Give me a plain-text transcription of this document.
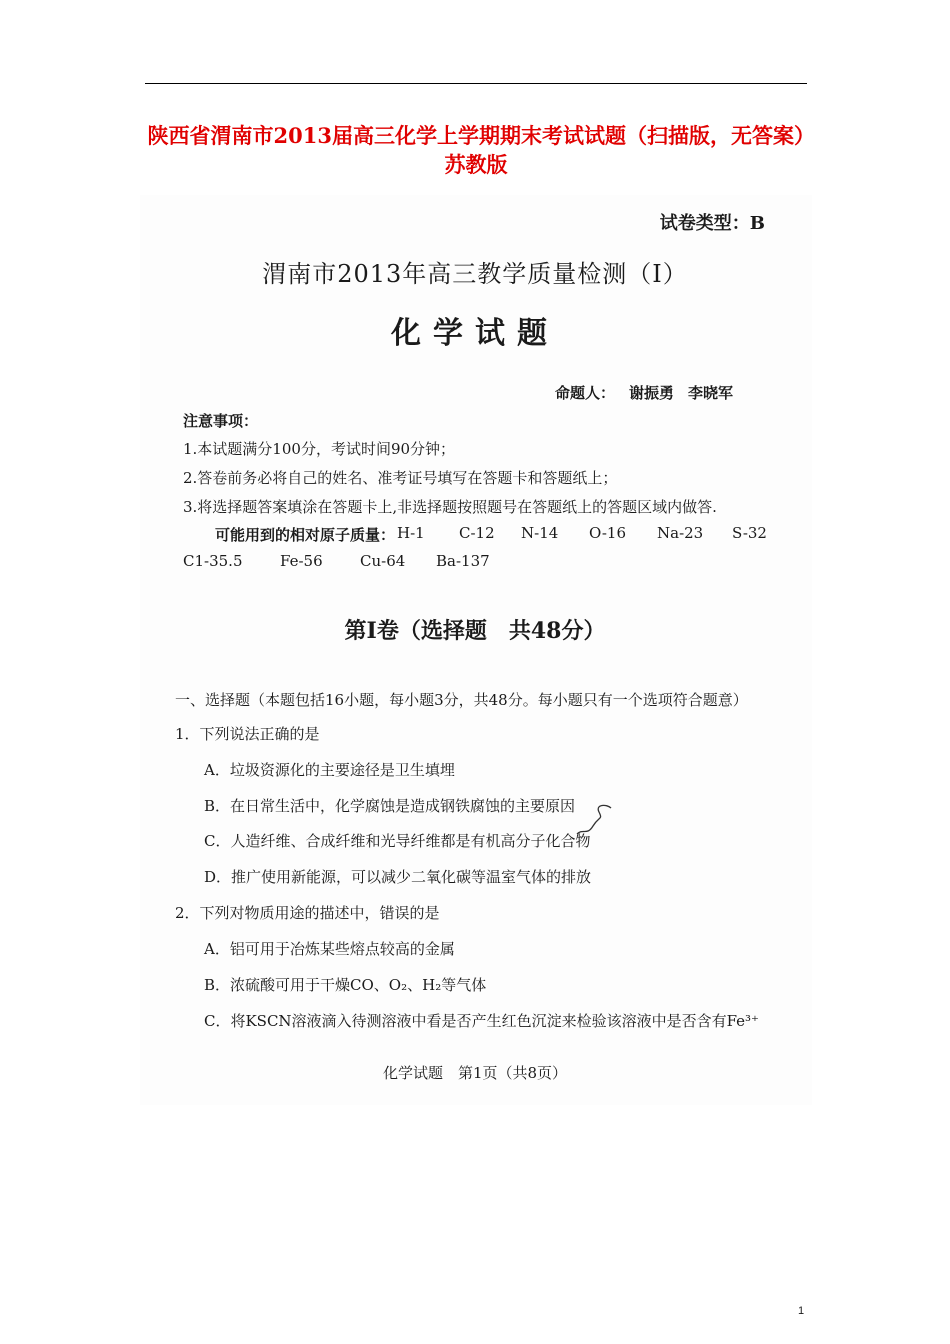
陕西省渭南市2013届高三化学上学期期末考试试题（扫描版，无答案）苏教版
试卷类型：B
渭南市2013年高三教学质量检测（Ⅰ）
化学试题
命题人： 谢振勇 李晓军
注意事项：
1.本试题满分100分，考试时间90分钟；
2.答卷前务必将自己的姓名、准考证号填写在答题卡和答题纸上；
3.将选择题答案填涂在答题卡上,非选择题按照题号在答题纸上的答题区域内做答.
可能用到的相对原子质量： H-1 C-12 N-14 O-16 Na-23 S-32
C1-35.5	Fe-56 Cu-64 Ba-137
第Ⅰ卷（选择题　共48分）
一、选择题（本题包括16小题，每小题3分，共48分。每小题只有一个选项符合题意）
1．下列说法正确的是
A．垃圾资源化的主要途径是卫生填埋
B．在日常生活中，化学腐蚀是造成钢铁腐蚀的主要原因
C．人造纤维、合成纤维和光导纤维都是有机高分子化合物
D．推广使用新能源，可以减少二氧化碳等温室气体的排放
2．下列对物质用途的描述中，错误的是
A．铝可用于冶炼某些熔点较高的金属
B．浓硫酸可用于干燥CO、O₂、H₂等气体
C．将KSCN溶液滴入待测溶液中看是否产生红色沉淀来检验该溶液中是否含有Fe³⁺
化学试题　第1页（共8页）
1
